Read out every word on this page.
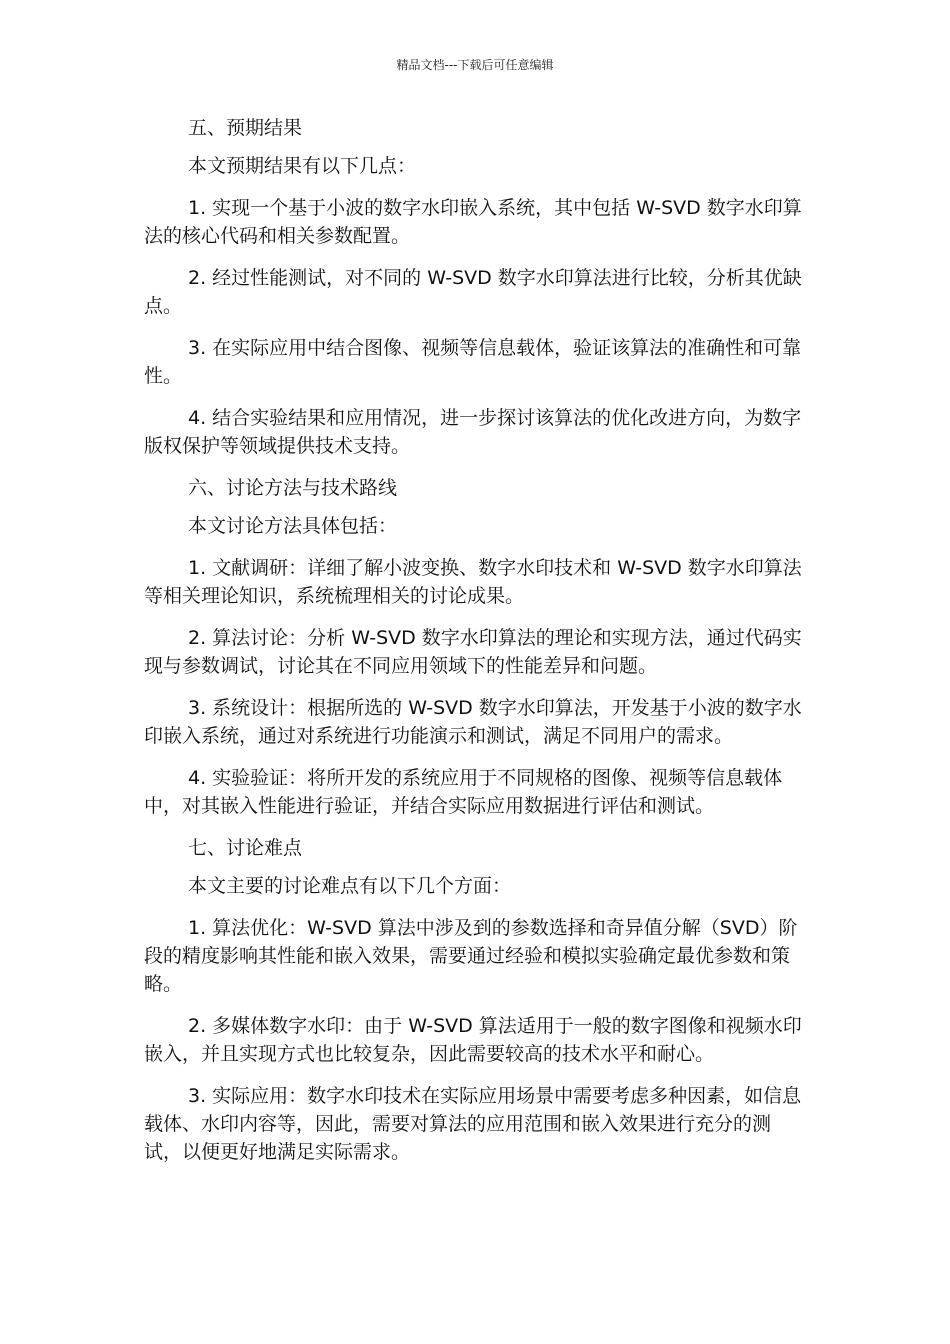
精品文档---下载后可任意编辑

五、预期结果

本文预期结果有以下几点：

1. 实现一个基于小波的数字水印嵌入系统，其中包括 W-SVD 数字水印算法的核心代码和相关参数配置。

2. 经过性能测试，对不同的 W-SVD 数字水印算法进行比较，分析其优缺点。

3. 在实际应用中结合图像、视频等信息载体，验证该算法的准确性和可靠性。

4. 结合实验结果和应用情况，进一步探讨该算法的优化改进方向，为数字版权保护等领域提供技术支持。

六、讨论方法与技术路线

本文讨论方法具体包括：

1. 文献调研：详细了解小波变换、数字水印技术和 W-SVD 数字水印算法等相关理论知识，系统梳理相关的讨论成果。

2. 算法讨论：分析 W-SVD 数字水印算法的理论和实现方法，通过代码实现与参数调试，讨论其在不同应用领域下的性能差异和问题。

3. 系统设计：根据所选的 W-SVD 数字水印算法，开发基于小波的数字水印嵌入系统，通过对系统进行功能演示和测试，满足不同用户的需求。

4. 实验验证：将所开发的系统应用于不同规格的图像、视频等信息载体中，对其嵌入性能进行验证，并结合实际应用数据进行评估和测试。

七、讨论难点

本文主要的讨论难点有以下几个方面：

1. 算法优化：W-SVD 算法中涉及到的参数选择和奇异值分解（SVD）阶段的精度影响其性能和嵌入效果，需要通过经验和模拟实验确定最优参数和策略。

2. 多媒体数字水印：由于 W-SVD 算法适用于一般的数字图像和视频水印嵌入，并且实现方式也比较复杂，因此需要较高的技术水平和耐心。

3. 实际应用：数字水印技术在实际应用场景中需要考虑多种因素，如信息载体、水印内容等，因此，需要对算法的应用范围和嵌入效果进行充分的测试，以便更好地满足实际需求。
